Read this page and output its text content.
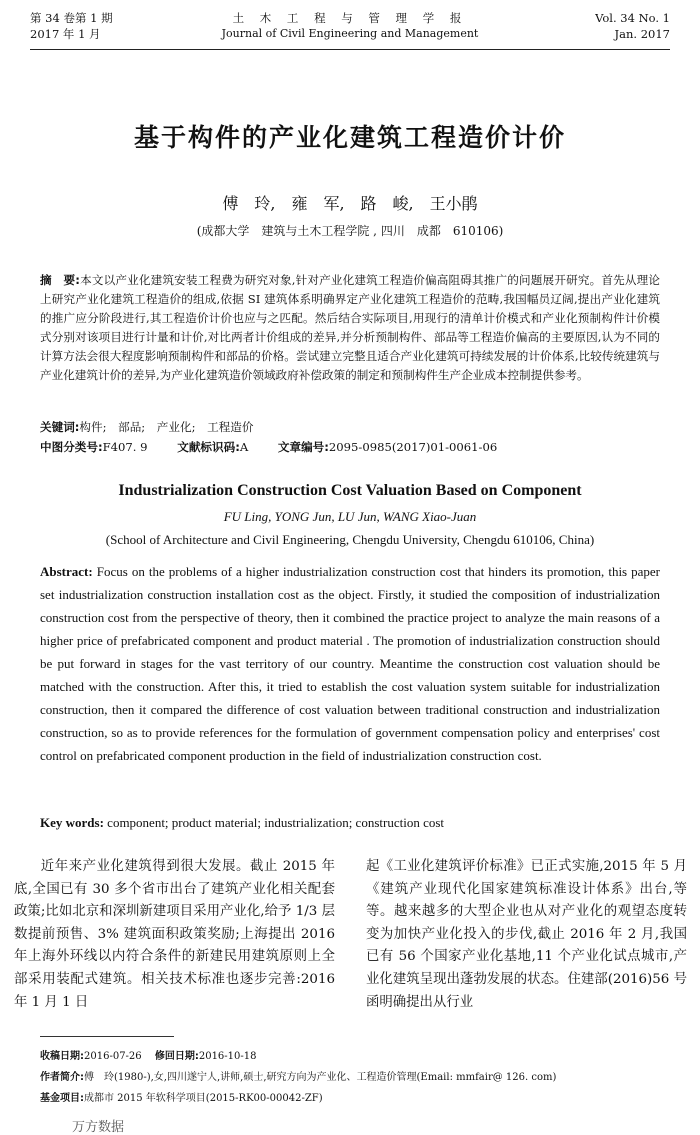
第 34 卷第 1 期
2017 年 1 月
土 木 工 程 与 管 理 学 报
Journal of Civil Engineering and Management
Vol. 34 No. 1
Jan. 2017
基于构件的产业化建筑工程造价计价
傅　玲,　雍　军,　路　峻,　王小鹃
(成都大学　建筑与土木工程学院 , 四川　成都　610106)
摘　要:本文以产业化建筑安装工程费为研究对象,针对产业化建筑工程造价偏高阻碍其推广的问题展开研究。首先从理论上研究产业化建筑工程造价的组成,依据 SI 建筑体系明确界定产业化建筑工程造价的范畴,我国幅员辽阔,提出产业化建筑的推广应分阶段进行,其工程造价计价也应与之匹配。然后结合实际项目,用现行的清单计价模式和产业化预制构件计价模式分别对该项目进行计量和计价,对比两者计价组成的差异,并分析预制构件、部品等工程造价偏高的主要原因,认为不同的计算方法会很大程度影响预制构件和部品的价格。尝试建立完整且适合产业化建筑可持续发展的计价体系,比较传统建筑与产业化建筑计价的差异,为产业化建筑造价领域政府补偿政策的制定和预制构件生产企业成本控制提供参考。
关键词:构件;　部品;　产业化;　工程造价
中图分类号:F407. 9	文献标识码:A	文章编号:2095-0985(2017)01-0061-06
Industrialization Construction Cost Valuation Based on Component
FU Ling, YONG Jun, LU Jun, WANG Xiao-Juan
(School of Architecture and Civil Engineering, Chengdu University, Chengdu 610106, China)
Abstract: Focus on the problems of a higher industrialization construction cost that hinders its promotion, this paper set industrialization construction installation cost as the object. Firstly, it studied the composition of industrialization construction cost from the perspective of theory, then it combined the practice project to analyze the main reasons of a higher price of prefabricated component and product material . The promotion of industrialization construction should be put forward in stages for the vast territory of our country. Meantime the construction cost valuation should be matched with the construction. After this, it tried to establish the cost valuation system suitable for industrialization construction, then it compared the difference of cost valuation between traditional construction and industrialization construction, so as to provide references for the formulation of government compensation policy and enterprises' cost control on prefabricated component production in the field of industrialization construction cost.
Key words: component; product material; industrialization; construction cost
近年来产业化建筑得到很大发展。截止 2015 年底,全国已有 30 多个省市出台了建筑产业化相关配套政策;比如北京和深圳新建项目采用产业化,给予 1/3 层数提前预售、3% 建筑面积政策奖励;上海提出 2016 年上海外环线以内符合条件的新建民用建筑原则上全部采用装配式建筑。相关技术标准也逐步完善:2016 年 1 月 1 日
起《工业化建筑评价标准》已正式实施,2015 年 5 月《建筑产业现代化国家建筑标准设计体系》出台,等等。越来越多的大型企业也从对产业化的观望态度转变为加快产业化投入的步伐,截止 2016 年 2 月,我国已有 56 个国家产业化基地,11 个产业化试点城市,产业化建筑呈现出蓬勃发展的状态。住建部(2016)56 号函明确提出从行业
收稿日期:2016-07-26　 修回日期:2016-10-18
作者简介:傅　玲(1980-),女,四川遂宁人,讲师,硕士,研究方向为产业化、工程造价管理(Email: mmfair@ 126. com)
基金项目:成都市 2015 年软科学项目(2015-RK00-00042-ZF)
万方数据
